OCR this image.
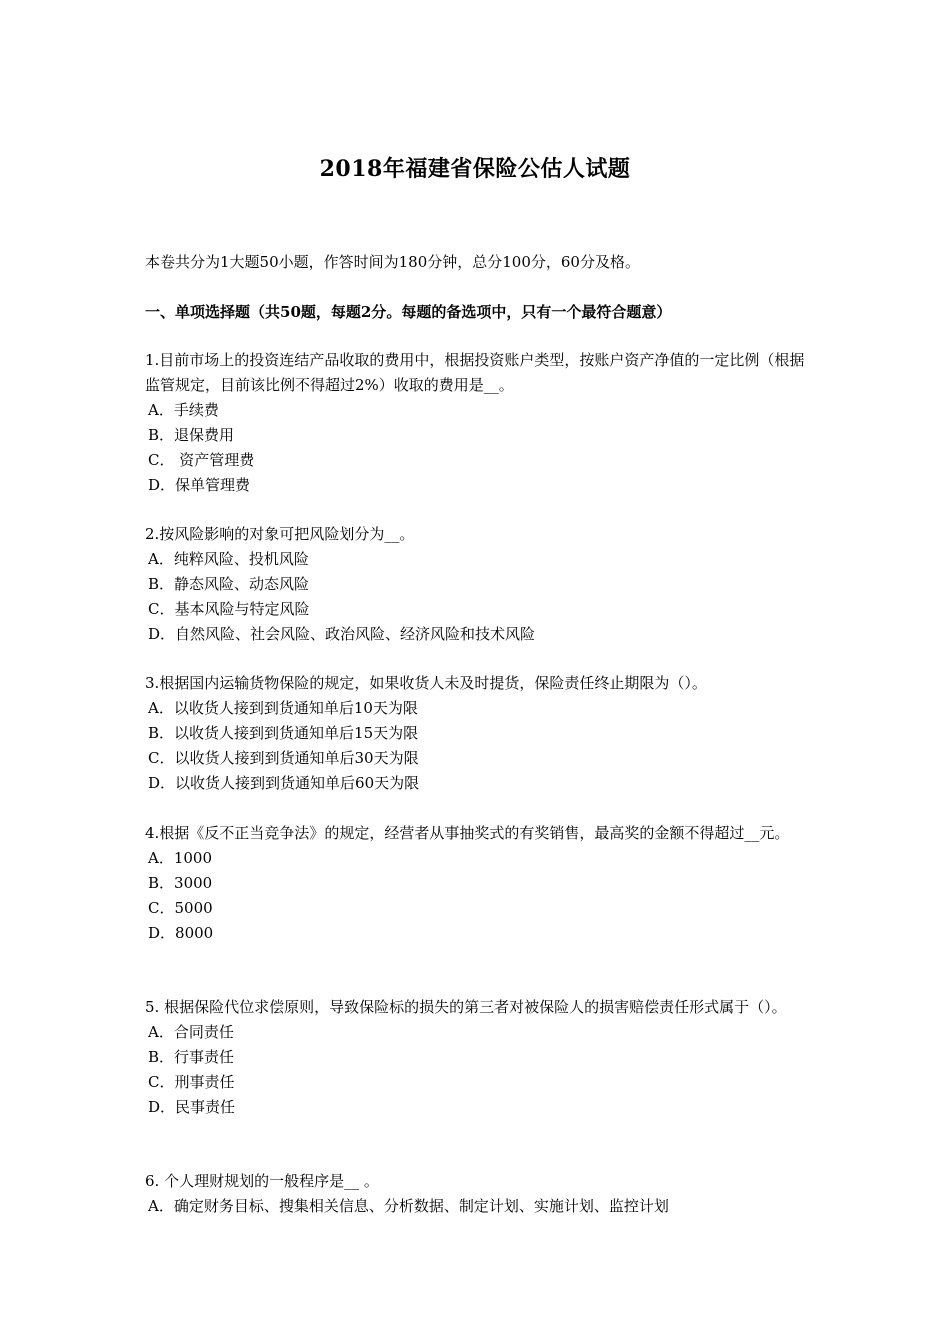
2018年福建省保险公估人试题
本卷共分为1大题50小题，作答时间为180分钟，总分100分，60分及格。
一、单项选择题（共50题，每题2分。每题的备选项中，只有一个最符合题意）

1.目前市场上的投资连结产品收取的费用中，根据投资账户类型，按账户资产净值的一定比例（根据监管规定，目前该比例不得超过2%）收取的费用是__。

A．手续费

B．退保费用

C． 资产管理费

D．保单管理费

2.按风险影响的对象可把风险划分为__。

A．纯粹风险、投机风险

B．静态风险、动态风险

C．基本风险与特定风险

D．自然风险、社会风险、政治风险、经济风险和技术风险

3.根据国内运输货物保险的规定，如果收货人未及时提货，保险责任终止期限为（）。

A．以收货人接到到货通知单后10天为限

B．以收货人接到到货通知单后15天为限

C．以收货人接到到货通知单后30天为限

D．以收货人接到到货通知单后60天为限

4.根据《反不正当竞争法》的规定，经营者从事抽奖式的有奖销售，最高奖的金额不得超过__元。

A．1000

B．3000

C．5000

D．8000

5. 根据保险代位求偿原则，导致保险标的损失的第三者对被保险人的损害赔偿责任形式属于（）。

A．合同责任

B．行事责任

C．刑事责任

D．民事责任

6. 个人理财规划的一般程序是__ 。

A．确定财务目标、搜集相关信息、分析数据、制定计划、实施计划、监控计划
